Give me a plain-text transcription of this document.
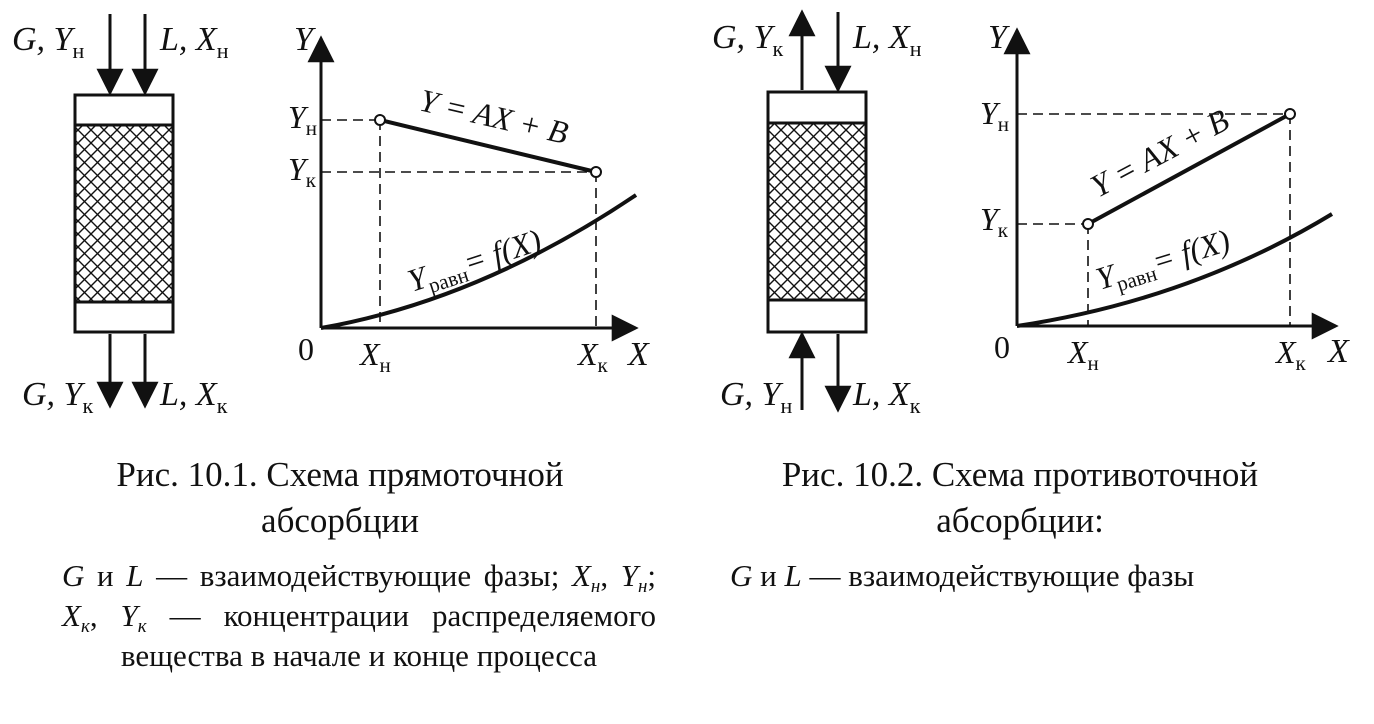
G, $Y_н$ L, $X_н$
G, $Y_к$ L, $X_к$
Y
X
0
$Y_н$
$Y_к$
$X_н$	$X_к$
Y = AX + B
$Y_{равн}= f(X)$
Рис. 10.1. Схема прямоточной
абсорбции
G и L — взаимодействующие фазы; $X_н$, $Y_н$; $X_к$, $Y_к$ — концентрации распределяемого вещества в начале и конце процесса
G, $Y_к$ L, $X_н$
G, $Y_н$ L, $X_к$
Y
X
0
$Y_н$
$Y_к$
$X_н$	$X_к$
Y = AX + B
$Y_{равн}= f(X)$
Рис. 10.2. Схема противоточной
абсорбции:
G и L — взаимодействующие фазы
